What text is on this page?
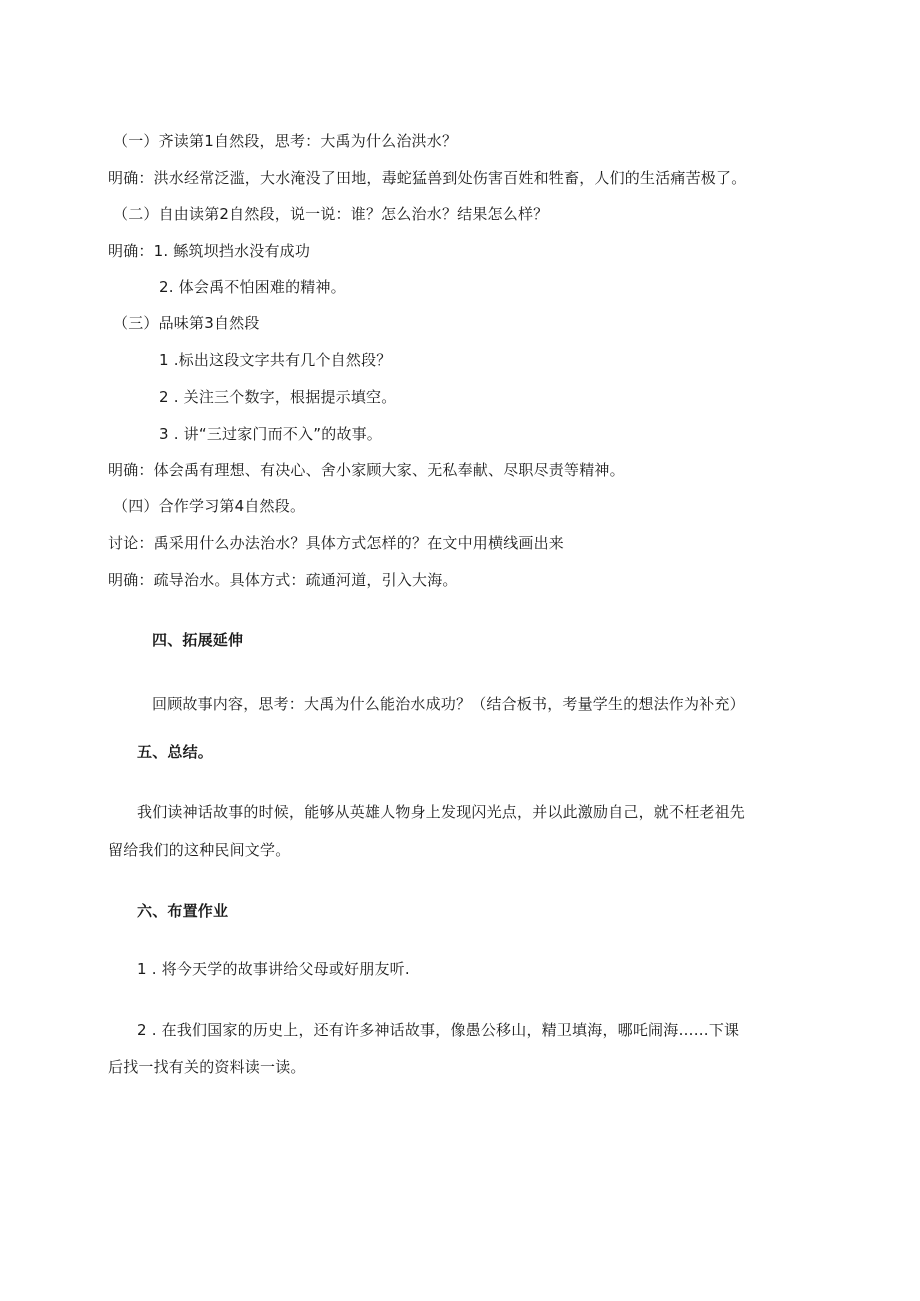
（一）齐读第1自然段，思考：大禹为什么治洪水？
明确：洪水经常泛滥，大水淹没了田地，毒蛇猛兽到处伤害百姓和牲畜，人们的生活痛苦极了。
（二）自由读第2自然段，说一说：谁？怎么治水？结果怎么样？
明确：1. 鲧筑坝挡水没有成功
2. 体会禹不怕困难的精神。
（三）品味第3自然段
1 .标出这段文字共有几个自然段？
2 . 关注三个数字，根据提示填空。
3 . 讲“三过家门而不入”的故事。
明确：体会禹有理想、有决心、舍小家顾大家、无私奉献、尽职尽责等精神。
（四）合作学习第4自然段。
讨论：禹采用什么办法治水？具体方式怎样的？在文中用横线画出来
明确：疏导治水。具体方式：疏通河道，引入大海。
四、拓展延伸
回顾故事内容，思考：大禹为什么能治水成功？（结合板书，考量学生的想法作为补充）
五、总结。
我们读神话故事的时候，能够从英雄人物身上发现闪光点，并以此激励自己，就不枉老祖先
留给我们的这种民间文学。
六、布置作业
1 . 将今天学的故事讲给父母或好朋友听.
2 . 在我们国家的历史上，还有许多神话故事，像愚公移山，精卫填海，哪吒闹海……下课
后找一找有关的资料读一读。
